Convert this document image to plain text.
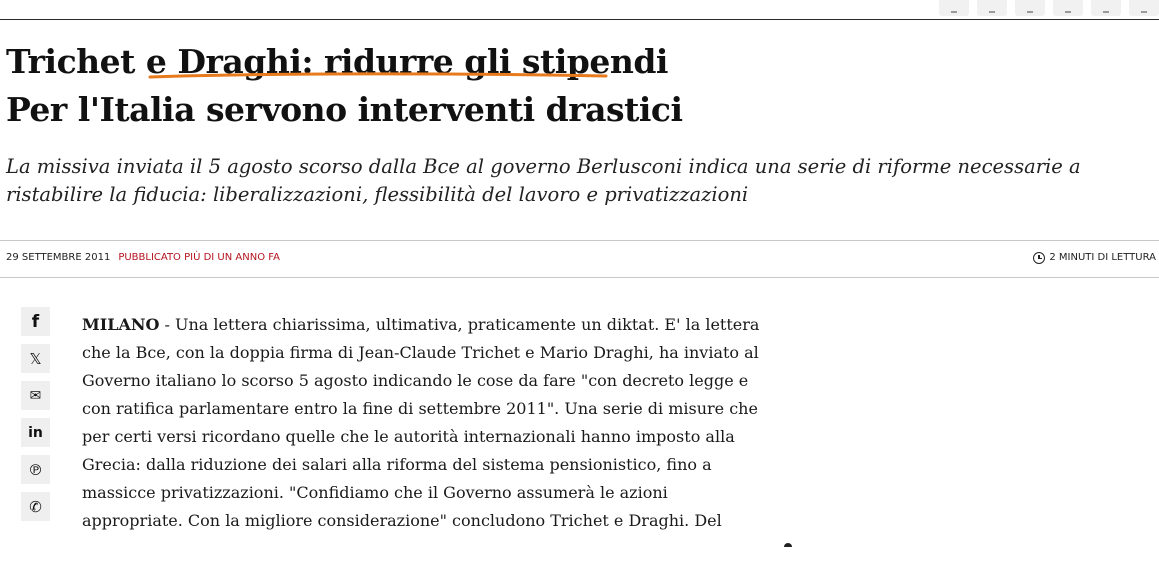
Trichet e Draghi: ridurre gli stipendi
Per l'Italia servono interventi drastici
La missiva inviata il 5 agosto scorso dalla Bce al governo Berlusconi indica una serie di riforme necessarie a ristabilire la fiducia: liberalizzazioni, flessibilità del lavoro e privatizzazioni
29 SETTEMBRE 2011 PUBBLICATO PIÙ DI UN ANNO FA	2 MINUTI DI LETTURA
f
𝕏
✉
in
℗
✆

MILANO - Una lettera chiarissima, ultimativa, praticamente un diktat. E' la lettera che la Bce, con la doppia firma di Jean-Claude Trichet e Mario Draghi, ha inviato al Governo italiano lo scorso 5 agosto indicando le cose da fare "con decreto legge e con ratifica parlamentare entro la fine di settembre 2011". Una serie di misure che per certi versi ricordano quelle che le autorità internazionali hanno imposto alla Grecia: dalla riduzione dei salari alla riforma del sistema pensionistico, fino a massicce privatizzazioni. "Confidiamo che il Governo assumerà le azioni appropriate. Con la migliore considerazione" concludono Trichet e Draghi. Del
